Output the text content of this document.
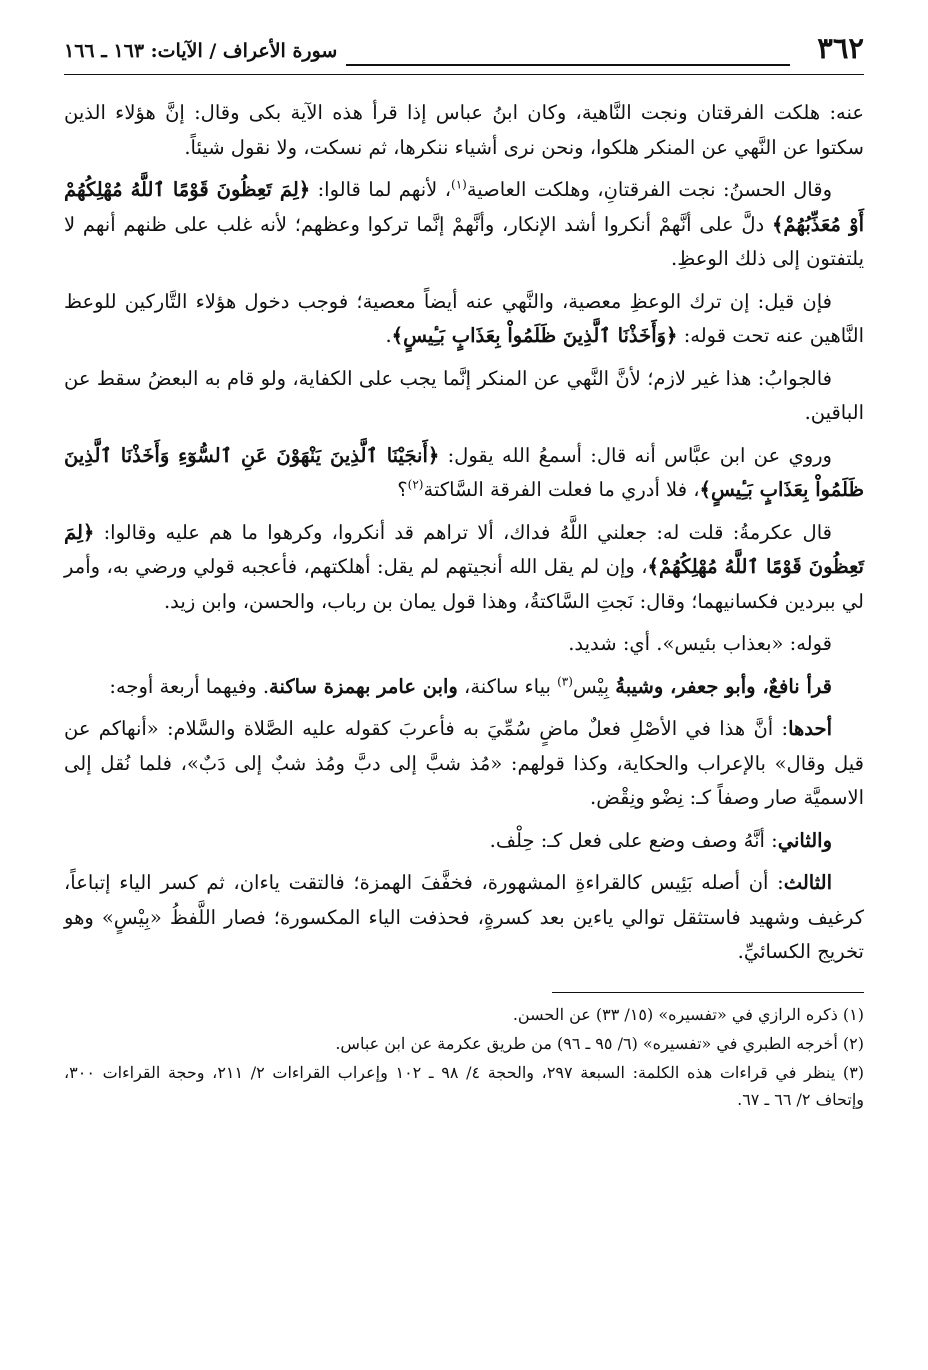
٣٦٢
سورة الأعراف / الآيات: ١٦٣ ـ ١٦٦

عنه: هلكت الفرقتان ونجت النَّاهية، وكان ابنُ عباس إذا قرأ هذه الآية بكى وقال: إنَّ هؤلاء الذين سكتوا عن النَّهي عن المنكر هلكوا، ونحن نرى أشياء ننكرها، ثم نسكت، ولا نقول شيئاً.

وقال الحسنُ: نجت الفرقتانِ، وهلكت العاصية$^{(١)}$، لأنهم لما قالوا: ﴿لِمَ تَعِظُونَ قَوْمًا ٱللَّهُ مُهْلِكُهُمْ أَوْ مُعَذِّبُهُمْ﴾ دلَّ على أنَّهمْ أنكروا أشد الإنكار، وأنَّهمْ إنَّما تركوا وعظهم؛ لأنه غلب على ظنهم أنهم لا يلتفتون إلى ذلك الوعظِ.

فإن قيل: إن ترك الوعظِ معصية، والنَّهي عنه أيضاً معصية؛ فوجب دخول هؤلاء التَّاركين للوعظ النَّاهين عنه تحت قوله: ﴿وَأَخَذْنَا ٱلَّذِينَ ظَلَمُواْ بِعَذَابٍ بَـِٔيسٍ﴾.

فالجوابُ: هذا غير لازم؛ لأنَّ النَّهي عن المنكر إنَّما يجب على الكفاية، ولو قام به البعضُ سقط عن الباقين.

وروي عن ابن عبَّاس أنه قال: أسمعُ الله يقول: ﴿أَنجَيْنَا ٱلَّذِينَ يَنْهَوْنَ عَنِ ٱلسُّوٓءِ وَأَخَذْنَا ٱلَّذِينَ ظَلَمُواْ بِعَذَابٍ بَـِٔيسٍ﴾، فلا أدري ما فعلت الفرقة السَّاكتة$^{(٢)}$؟

قال عكرمةُ: قلت له: جعلني اللَّهُ فداك، ألا تراهم قد أنكروا، وكرهوا ما هم عليه وقالوا: ﴿لِمَ تَعِظُونَ قَوْمًا ٱللَّهُ مُهْلِكُهُمْ﴾، وإن لم يقل الله أنجيتهم لم يقل: أهلكتهم، فأعجبه قولي ورضي به، وأمر لي ببردين فكسانيهما؛ وقال: نَجتِ السَّاكتةُ، وهذا قول يمان بن رباب، والحسن، وابن زيد.

قوله: «بعذاب بئيس». أي: شديد.

قرأ نافعٌ، وأبو جعفر، وشيبةُ بِيْس$^{(٣)}$ بياء ساكنة، وابن عامر بهمزة ساكنة. وفيهما أربعة أوجه:

أحدها: أنَّ هذا في الأصْلِ فعلٌ ماضٍ سُمِّيَ به فأعربَ كقوله عليه الصَّلاة والسَّلام: «أنهاكم عن قيل وقال» بالإعراب والحكاية، وكذا قولهم: «مُذ شبَّ إلى دبَّ ومُذ شبٌ إلى دَبٌ»، فلما نُقل إلى الاسميَّة صار وصفاً كـ: نِضْو ونِقْض.

والثاني: أنَّهُ وصف وضع على فعل كـ: حِلْف.

الثالث: أن أصله بَئِيس كالقراءةِ المشهورة، فخفَّفَ الهمزة؛ فالتقت ياءان، ثم كسر الياء إتباعاً، كرغيف وشهيد فاستثقل توالي ياءين بعد كسرةٍ، فحذفت الياء المكسورة؛ فصار اللَّفظُ «بِيْسٍ» وهو تخريج الكسائيِّ.

(١) ذكره الرازي في «تفسيره» (١٥/ ٣٣) عن الحسن.

(٢) أخرجه الطبري في «تفسيره» (٦/ ٩٥ ـ ٩٦) من طريق عكرمة عن ابن عباس.

(٣) ينظر في قراءات هذه الكلمة: السبعة ٢٩٧، والحجة ٤/ ٩٨ ـ ١٠٢ وإعراب القراءات ٢/ ٢١١، وحجة القراءات ٣٠٠، وإتحاف ٢/ ٦٦ ـ ٦٧.
